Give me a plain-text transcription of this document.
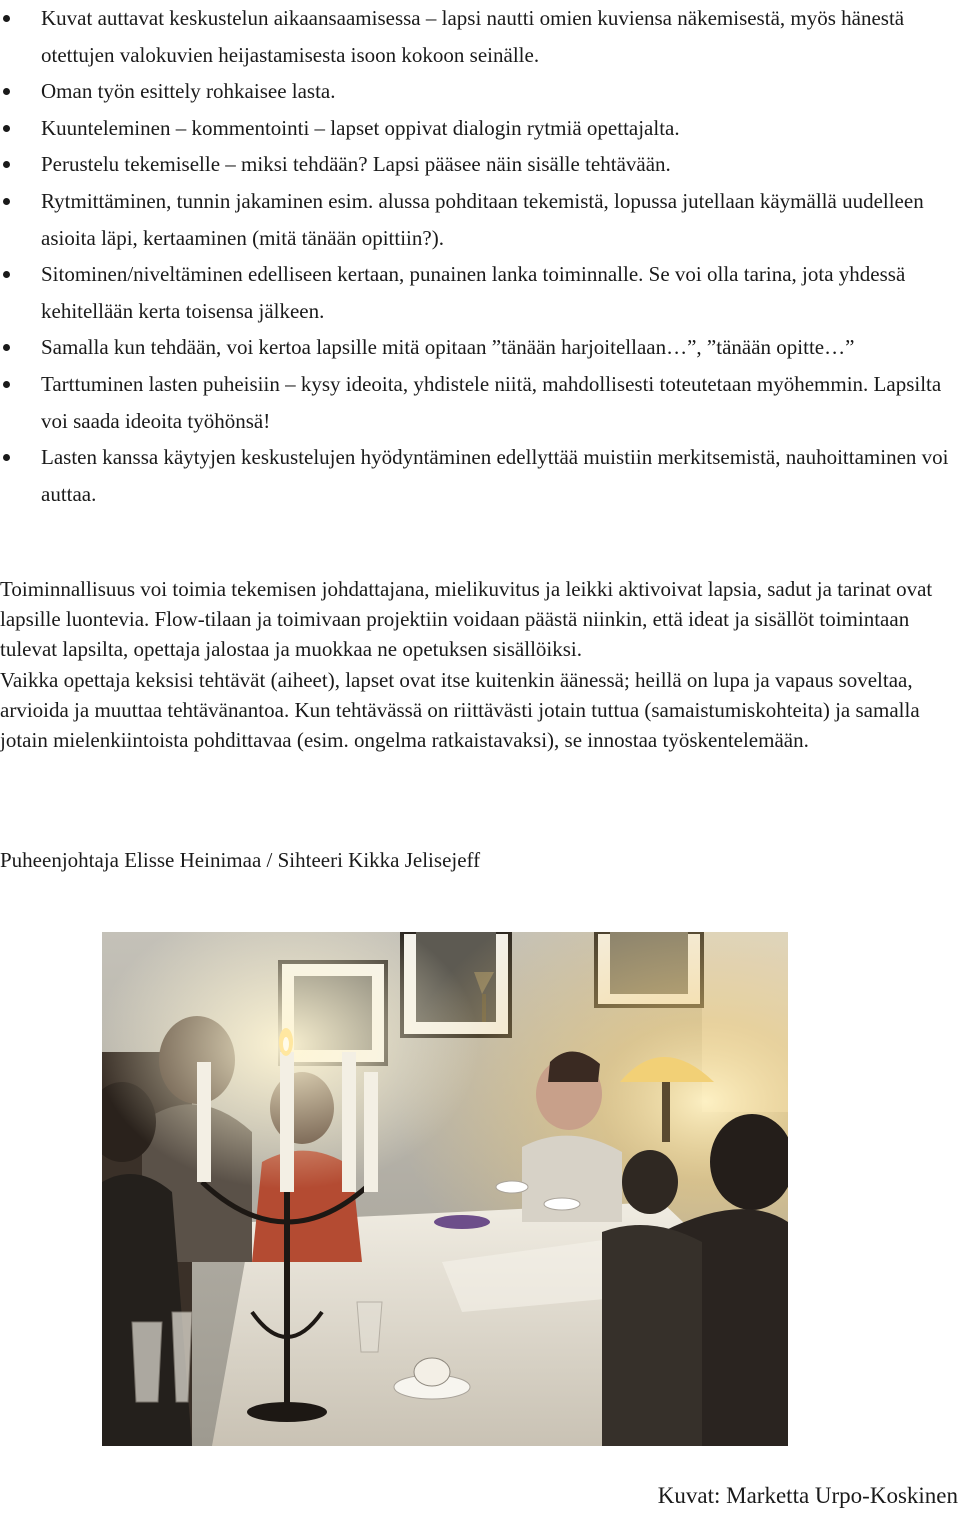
Kuvat auttavat keskustelun aikaansaamisessa – lapsi nautti omien kuviensa näkemisestä, myös hänestä otettujen valokuvien heijastamisesta isoon kokoon seinälle.
Oman työn esittely rohkaisee lasta.
Kuunteleminen – kommentointi – lapset oppivat dialogin rytmiä opettajalta.
Perustelu tekemiselle – miksi tehdään? Lapsi pääsee näin sisälle tehtävään.
Rytmittäminen, tunnin jakaminen esim. alussa pohditaan tekemistä, lopussa jutellaan käymällä uudelleen asioita läpi, kertaaminen (mitä tänään opittiin?).
Sitominen/niveltäminen edelliseen kertaan, punainen lanka toiminnalle. Se voi olla tarina, jota yhdessä kehitellään kerta toisensa jälkeen.
Samalla kun tehdään, voi kertoa lapsille mitä opitaan ”tänään harjoitellaan…”, ”tänään opitte…”
Tarttuminen lasten puheisiin – kysy ideoita, yhdistele niitä, mahdollisesti toteutetaan myöhemmin. Lapsilta voi saada ideoita työhönsä!
Lasten kanssa käytyjen keskustelujen hyödyntäminen edellyttää muistiin merkitsemistä, nauhoittaminen voi auttaa.

Toiminnallisuus voi toimia tekemisen johdattajana, mielikuvitus ja leikki aktivoivat lapsia, sadut ja tarinat ovat lapsille luontevia. Flow-tilaan ja toimivaan projektiin voidaan päästä niinkin, että ideat ja sisällöt toimintaan tulevat lapsilta, opettaja jalostaa ja muokkaa ne opetuksen sisällöiksi.

Vaikka opettaja keksisi tehtävät (aiheet), lapset ovat itse kuitenkin äänessä; heillä on lupa ja vapaus soveltaa, arvioida ja muuttaa tehtävänantoa. Kun tehtävässä on riittävästi jotain tuttua (samaistumiskohteita) ja samalla jotain mielenkiintoista pohdittavaa (esim. ongelma ratkaistavaksi), se innostaa työskentelemään.

Puheenjohtaja Elisse Heinimaa / Sihteeri Kikka Jelisejeff

Kuvat: Marketta Urpo-Koskinen
